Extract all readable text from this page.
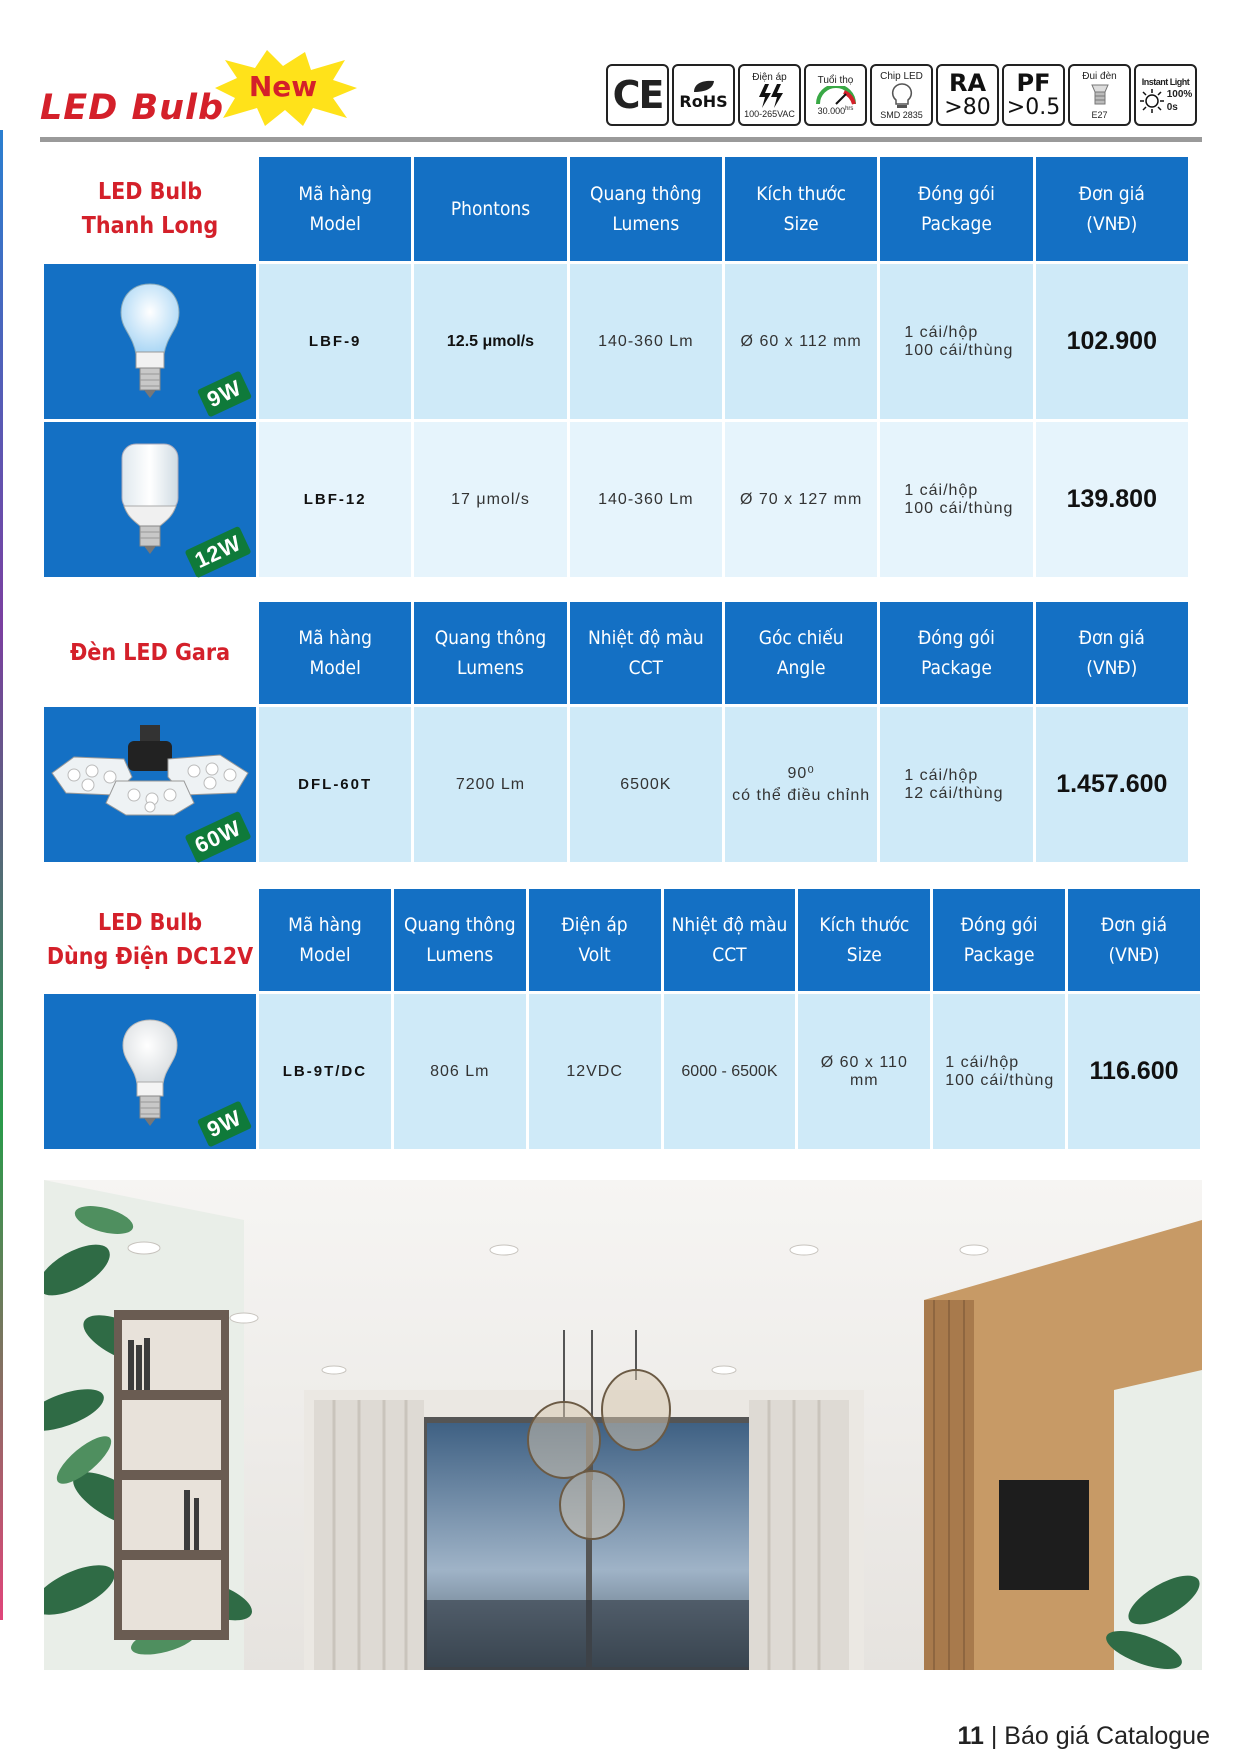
LED Bulb
New	CE RoHS
Điện áp
100-265VAC
Tuổi thọ
$30.000^{hrs}$
Chip LED
SMD 2835
RA
>80
PF
>0.5
Đui đèn
E27
Instant Light
100%
0s
LED Bulb
Thanh Long	Mã hàng
Model	Phontons	Quang thông
Lumens	Kích thước
Size	Đóng gói
Package	Đơn giá
(VNĐ)

9W	LBF-9	12.5 μmol/s	140-360 Lm	Ø 60 x 112 mm	1 cái/hộp
100 cái/thùng	102.900

12W	LBF-12	17 μmol/s	140-360 Lm	Ø 70 x 127 mm	1 cái/hộp
100 cái/thùng	139.800
Đèn LED Gara	Mã hàng
Model	Quang thông
Lumens	Nhiệt độ màu
CCT	Góc chiếu
Angle	Đóng gói
Package	Đơn giá
(VNĐ)

60W	DFL-60T	7200 Lm	6500K	90⁰
có thể điều chỉnh	1 cái/hộp
12 cái/thùng	1.457.600
LED Bulb
Dùng Điện DC12V	Mã hàng
Model	Quang thông
Lumens	Điện áp
Volt	Nhiệt độ màu
CCT	Kích thước
Size	Đóng gói
Package	Đơn giá
(VNĐ)

9W	LB-9T/DC	806 Lm	12VDC	6000 - 6500K	Ø 60 x 110 mm	1 cái/hộp
100 cái/thùng	116.600
11 | Báo giá Catalogue
